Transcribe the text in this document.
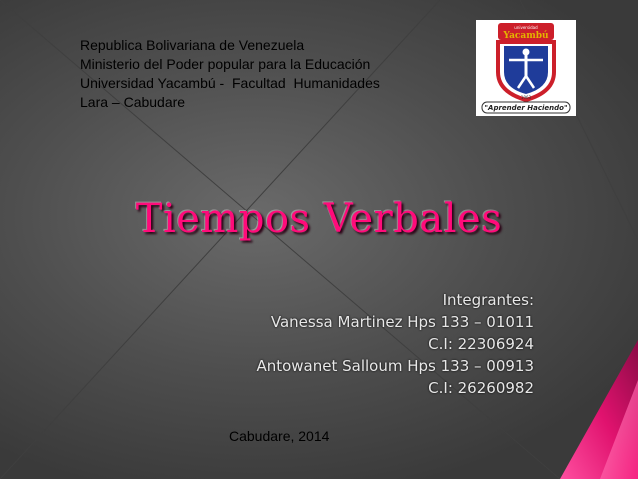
Republica Bolivariana de Venezuela
Ministerio del Poder popular para la Educación
Universidad Yacambú -  Facultad  Humanidades
Lara – Cabudare
universidad
Yacambú
1963
"Aprender Haciendo"
Tiempos Verbales
Integrantes:
Vanessa Martinez Hps 133 – 01011
C.I: 22306924
Antowanet Salloum Hps 133 – 00913
C.I: 26260982
Cabudare, 2014
